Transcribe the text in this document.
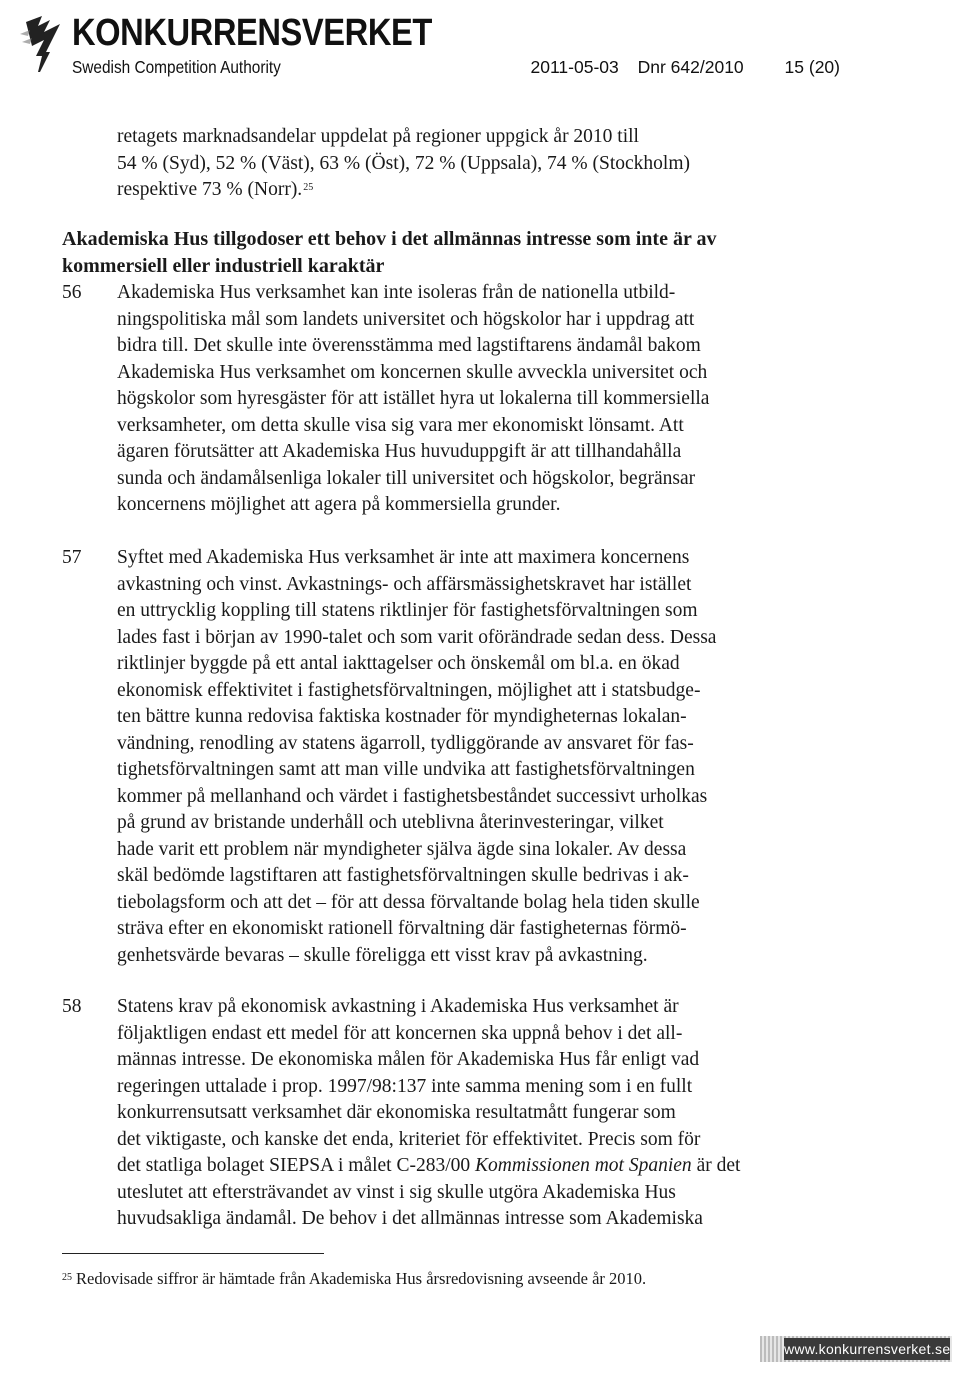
KONKURRENSVERKET
Swedish Competition Authority	2011-05-03 Dnr 642/2010 15 (20)

retagets marknadsandelar uppdelat på regioner uppgick år 2010 till
54 % (Syd), 52 % (Väst), 63 % (Öst), 72 % (Uppsala), 74 % (Stockholm)
respektive 73 % (Norr).$^{25}$

Akademiska Hus tillgodoser ett behov i det allmännas intresse som inte är av
kommersiell eller industriell karaktär
56	Akademiska Hus verksamhet kan inte isoleras från de nationella utbild-
ningspolitiska mål som landets universitet och högskolor har i uppdrag att
bidra till. Det skulle inte överensstämma med lagstiftarens ändamål bakom
Akademiska Hus verksamhet om koncernen skulle avveckla universitet och
högskolor som hyresgäster för att istället hyra ut lokalerna till kommersiella
verksamheter, om detta skulle visa sig vara mer ekonomiskt lönsamt. Att
ägaren förutsätter att Akademiska Hus huvuduppgift är att tillhandahålla
sunda och ändamålsenliga lokaler till universitet och högskolor, begränsar
koncernens möjlighet att agera på kommersiella grunder.

57	Syftet med Akademiska Hus verksamhet är inte att maximera koncernens
avkastning och vinst. Avkastnings- och affärsmässighetskravet har istället
en uttrycklig koppling till statens riktlinjer för fastighetsförvaltningen som
lades fast i början av 1990-talet och som varit oförändrade sedan dess. Dessa
riktlinjer byggde på ett antal iakttagelser och önskemål om bl.a. en ökad
ekonomisk effektivitet i fastighetsförvaltningen, möjlighet att i statsbudge-
ten bättre kunna redovisa faktiska kostnader för myndigheternas lokalan-
vändning, renodling av statens ägarroll, tydliggörande av ansvaret för fas-
tighetsförvaltningen samt att man ville undvika att fastighetsförvaltningen
kommer på mellanhand och värdet i fastighetsbeståndet successivt urholkas
på grund av bristande underhåll och uteblivna återinvesteringar, vilket
hade varit ett problem när myndigheter själva ägde sina lokaler. Av dessa
skäl bedömde lagstiftaren att fastighetsförvaltningen skulle bedrivas i ak-
tiebolagsform och att det – för att dessa förvaltande bolag hela tiden skulle
sträva efter en ekonomiskt rationell förvaltning där fastigheternas förmö-
genhetsvärde bevaras – skulle föreligga ett visst krav på avkastning.

58	Statens krav på ekonomisk avkastning i Akademiska Hus verksamhet är
följaktligen endast ett medel för att koncernen ska uppnå behov i det all-
männas intresse. De ekonomiska målen för Akademiska Hus får enligt vad
regeringen uttalade i prop. 1997/98:137 inte samma mening som i en fullt
konkurrensutsatt verksamhet där ekonomiska resultatmått fungerar som
det viktigaste, och kanske det enda, kriteriet för effektivitet. Precis som för
det statliga bolaget SIEPSA i målet C-283/00 Kommissionen mot Spanien är det
uteslutet att eftersträvandet av vinst i sig skulle utgöra Akademiska Hus
huvudsakliga ändamål. De behov i det allmännas intresse som Akademiska

$^{25}$ Redovisade siffror är hämtade från Akademiska Hus årsredovisning avseende år 2010.

www.konkurrensverket.se
